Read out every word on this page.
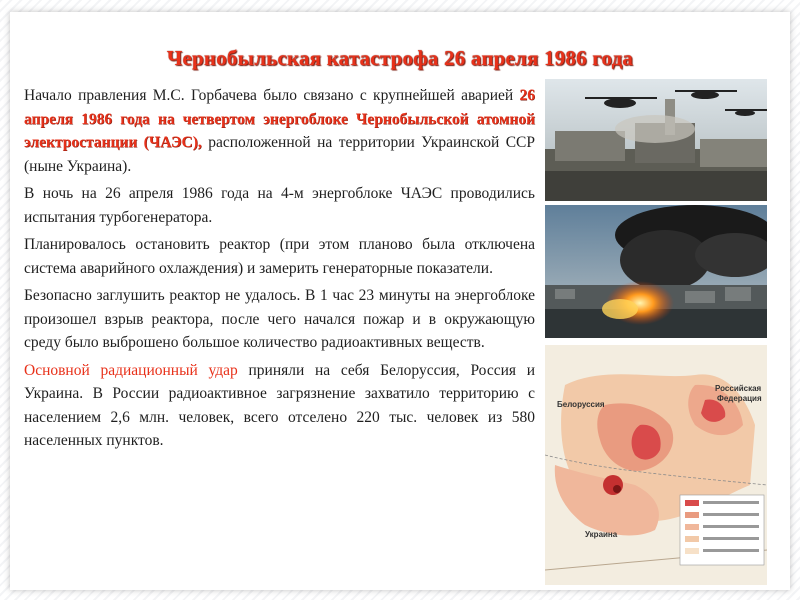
Чернобыльская катастрофа 26 апреля 1986 года

Начало правления М.С. Горбачева было связано с крупнейшей аварией 26 апреля 1986 года на четвертом энергоблоке Чернобыльской атомной электростанции (ЧАЭС), расположенной на территории Украинской ССР (ныне Украина).

В ночь на 26 апреля 1986 года на 4-м энергоблоке ЧАЭС проводились испытания турбогенератора.

Планировалось остановить реактор (при этом планово была отключена система аварийного охлаждения) и замерить генераторные показатели.

Безопасно заглушить реактор не удалось. В 1 час 23 минуты на энергоблоке произошел взрыв реактора, после чего начался пожар и в окружающую среду было выброшено большое количество радиоактивных веществ.

Основной радиационный удар приняли на себя Белоруссия, Россия и Украина. В России радиоактивное загрязнение захватило территорию с населением 2,6 млн. человек, всего отселено 220 тыс. человек из 580 населенных пунктов.

Белоруссия
Российская
Федерация
Украина
